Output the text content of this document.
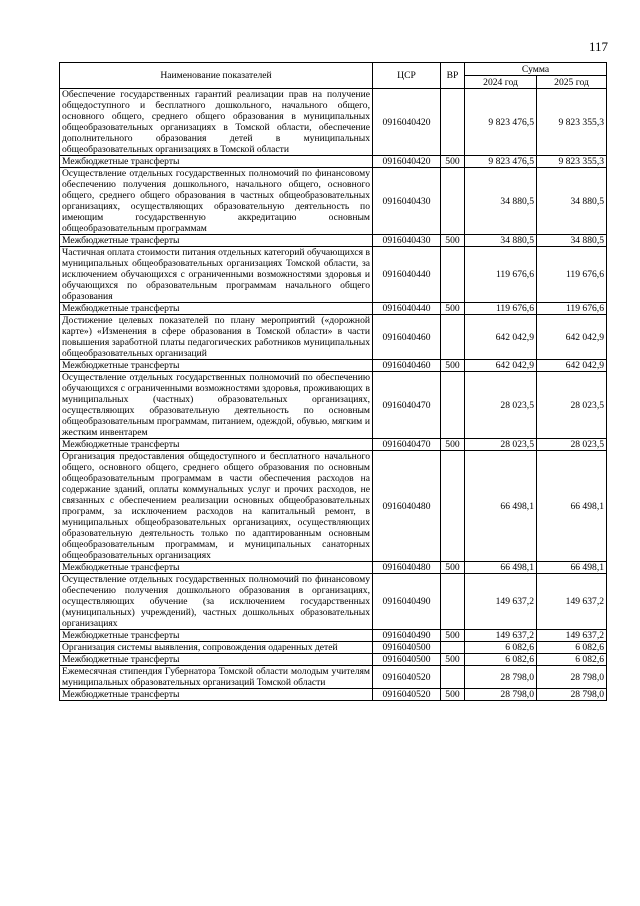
117
Наименование показателей	ЦСР	ВР	Сумма	
			2024 год	2025 год
Обеспечение государственных гарантий реализации прав на получение общедоступного и бесплатного дошкольного, начального общего, основного общего, среднего общего образования в муниципальных общеобразовательных организациях в Томской области, обеспечение дополнительного образования детей в муниципальных общеобразовательных организациях в Томской области	0916040420		9 823 476,5	9 823 355,3
Межбюджетные трансферты	0916040420	500	9 823 476,5	9 823 355,3
Осуществление отдельных государственных полномочий по финансовому обеспечению получения дошкольного, начального общего, основного общего, среднего общего образования в частных общеобразовательных организациях, осуществляющих образовательную деятельность по имеющим государственную аккредитацию основным общеобразовательным программам	0916040430		34 880,5	34 880,5
Межбюджетные трансферты	0916040430	500	34 880,5	34 880,5
Частичная оплата стоимости питания отдельных категорий обучающихся в муниципальных общеобразовательных организациях Томской области, за исключением обучающихся с ограниченными возможностями здоровья и обучающихся по образовательным программам начального общего образования	0916040440		119 676,6	119 676,6
Межбюджетные трансферты	0916040440	500	119 676,6	119 676,6
Достижение целевых показателей по плану мероприятий («дорожной карте») «Изменения в сфере образования в Томской области» в части повышения заработной платы педагогических работников муниципальных общеобразовательных организаций	0916040460		642 042,9	642 042,9
Межбюджетные трансферты	0916040460	500	642 042,9	642 042,9
Осуществление отдельных государственных полномочий по обеспечению обучающихся с ограниченными возможностями здоровья, проживающих в муниципальных (частных) образовательных организациях, осуществляющих образовательную деятельность по основным общеобразовательным программам, питанием, одеждой, обувью, мягким и жестким инвентарем	0916040470		28 023,5	28 023,5
Межбюджетные трансферты	0916040470	500	28 023,5	28 023,5
Организация предоставления общедоступного и бесплатного начального общего, основного общего, среднего общего образования по основным общеобразовательным программам в части обеспечения расходов на содержание зданий, оплаты коммунальных услуг и прочих расходов, не связанных с обеспечением реализации основных общеобразовательных программ, за исключением расходов на капитальный ремонт, в муниципальных общеобразовательных организациях, осуществляющих образовательную деятельность только по адаптированным основным общеобразовательным программам, и муниципальных санаторных общеобразовательных организациях	0916040480		66 498,1	66 498,1
Межбюджетные трансферты	0916040480	500	66 498,1	66 498,1
Осуществление отдельных государственных полномочий по финансовому обеспечению получения дошкольного образования в организациях, осуществляющих обучение (за исключением государственных (муниципальных) учреждений), частных дошкольных образовательных организациях	0916040490		149 637,2	149 637,2
Межбюджетные трансферты	0916040490	500	149 637,2	149 637,2
Организация системы выявления, сопровождения одаренных детей	0916040500		6 082,6	6 082,6
Межбюджетные трансферты	0916040500	500	6 082,6	6 082,6
Ежемесячная стипендия Губернатора Томской области молодым учителям муниципальных образовательных организаций Томской области	0916040520		28 798,0	28 798,0
Межбюджетные трансферты	0916040520	500	28 798,0	28 798,0
